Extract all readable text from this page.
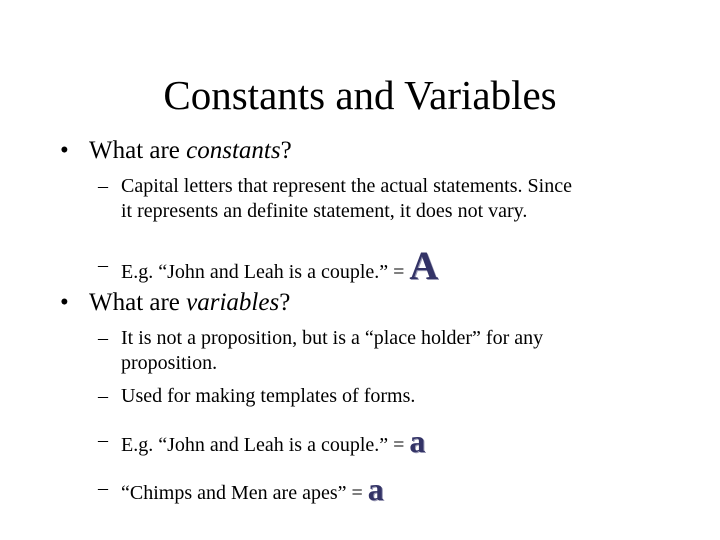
Constants and Variables
• What are constants?
– Capital letters that represent the actual statements. Since
it represents an definite statement, it does not vary.
– E.g. “John and Leah is a couple.” = A
• What are variables?
– It is not a proposition, but is a “place holder” for any
proposition.
– Used for making templates of forms.
– E.g. “John and Leah is a couple.” = a
– “Chimps and Men are apes” = a
